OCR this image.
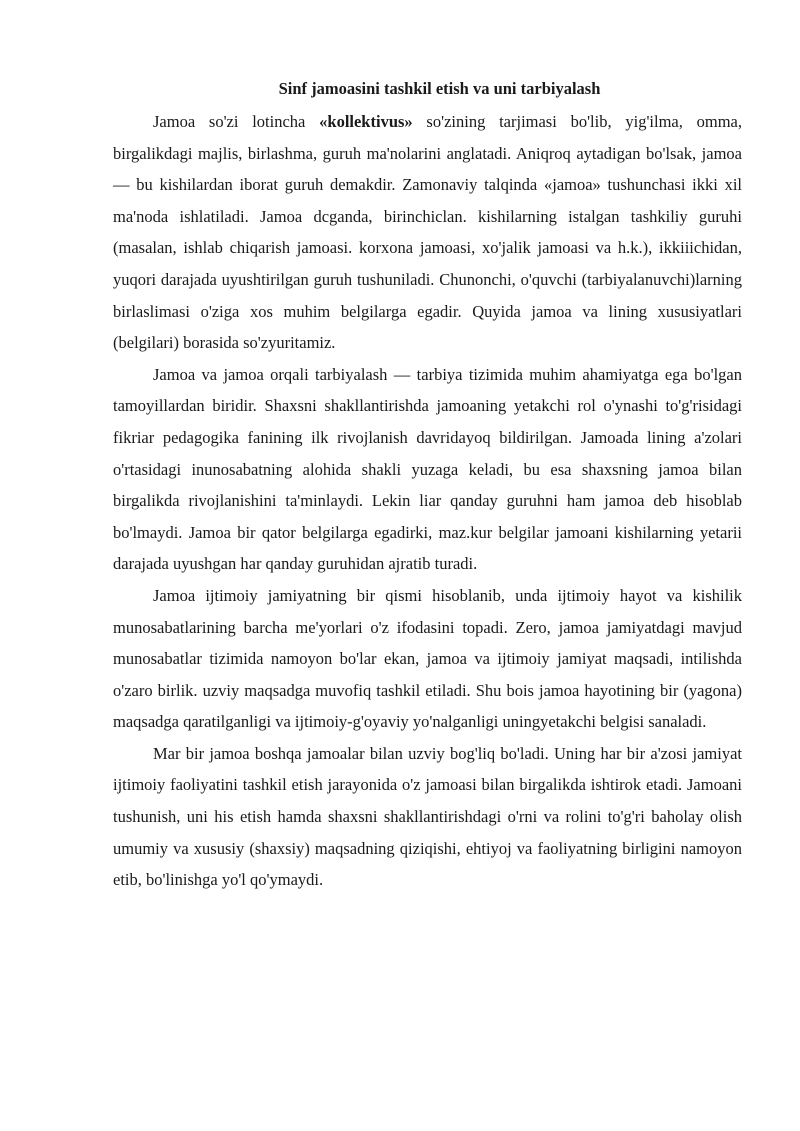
Sinf jamoasini tashkil etish va uni tarbiyalash

Jamoa so'zi lotincha «kollektivus» so'zining tarjimasi bo'lib, yig'ilma, omma, birgalikdagi majlis, birlashma, guruh ma'nolarini anglatadi. Aniqroq aytadigan bo'lsak, jamoa — bu kishilardan iborat guruh demakdir. Zamonaviy talqinda «jamoa» tushunchasi ikki xil ma'noda ishlatiladi. Jamoa dcganda, birinchiclan. kishilarning istalgan tashkiliy guruhi (masalan, ishlab chiqarish jamoasi. korxona jamoasi, xo'jalik jamoasi va h.k.), ikkiiichidan, yuqori darajada uyushtirilgan guruh tushuniladi. Chunonchi, o'quvchi (tarbiyalanuvchi)larning birlaslimasi o'ziga xos muhim belgilarga egadir. Quyida jamoa va lining xususiyatlari (belgilari) borasida so'zyuritamiz.

Jamoa va jamoa orqali tarbiyalash — tarbiya tizimida muhim ahamiyatga ega bo'lgan tamoyillardan biridir. Shaxsni shakllantirishda jamoaning yetakchi rol o'ynashi to'g'risidagi fikriar pedagogika fanining ilk rivojlanish davridayoq bildirilgan. Jamoada lining a'zolari o'rtasidagi inunosabatning alohida shakli yuzaga keladi, bu esa shaxsning jamoa bilan birgalikda rivojlanishini ta'minlaydi. Lekin liar qanday guruhni ham jamoa deb hisoblab bo'lmaydi. Jamoa bir qator belgilarga egadirki, maz.kur belgilar jamoani kishilarning yetarii darajada uyushgan har qanday guruhidan ajratib turadi.

Jamoa ijtimoiy jamiyatning bir qismi hisoblanib, unda ijtimoiy hayot va kishilik munosabatlarining barcha me'yorlari o'z ifodasini topadi. Zero, jamoa jamiyatdagi mavjud munosabatlar tizimida namoyon bo'lar ekan, jamoa va ijtimoiy jamiyat maqsadi, intilishda o'zaro birlik. uzviy maqsadga muvofiq tashkil etiladi. Shu bois jamoa hayotining bir (yagona) maqsadga qaratilganligi va ijtimoiy-g'oyaviy yo'nalganligi uningyetakchi belgisi sanaladi.

Mar bir jamoa boshqa jamoalar bilan uzviy bog'liq bo'ladi. Uning har bir a'zosi jamiyat ijtimoiy faoliyatini tashkil etish jarayonida o'z jamoasi bilan birgalikda ishtirok etadi. Jamoani tushunish, uni his etish hamda shaxsni shakllantirishdagi o'rni va rolini to'g'ri baholay olish umumiy va xususiy (shaxsiy) maqsadning qiziqishi, ehtiyoj va faoliyatning birligini namoyon etib, bo'linishga yo'l qo'ymaydi.
